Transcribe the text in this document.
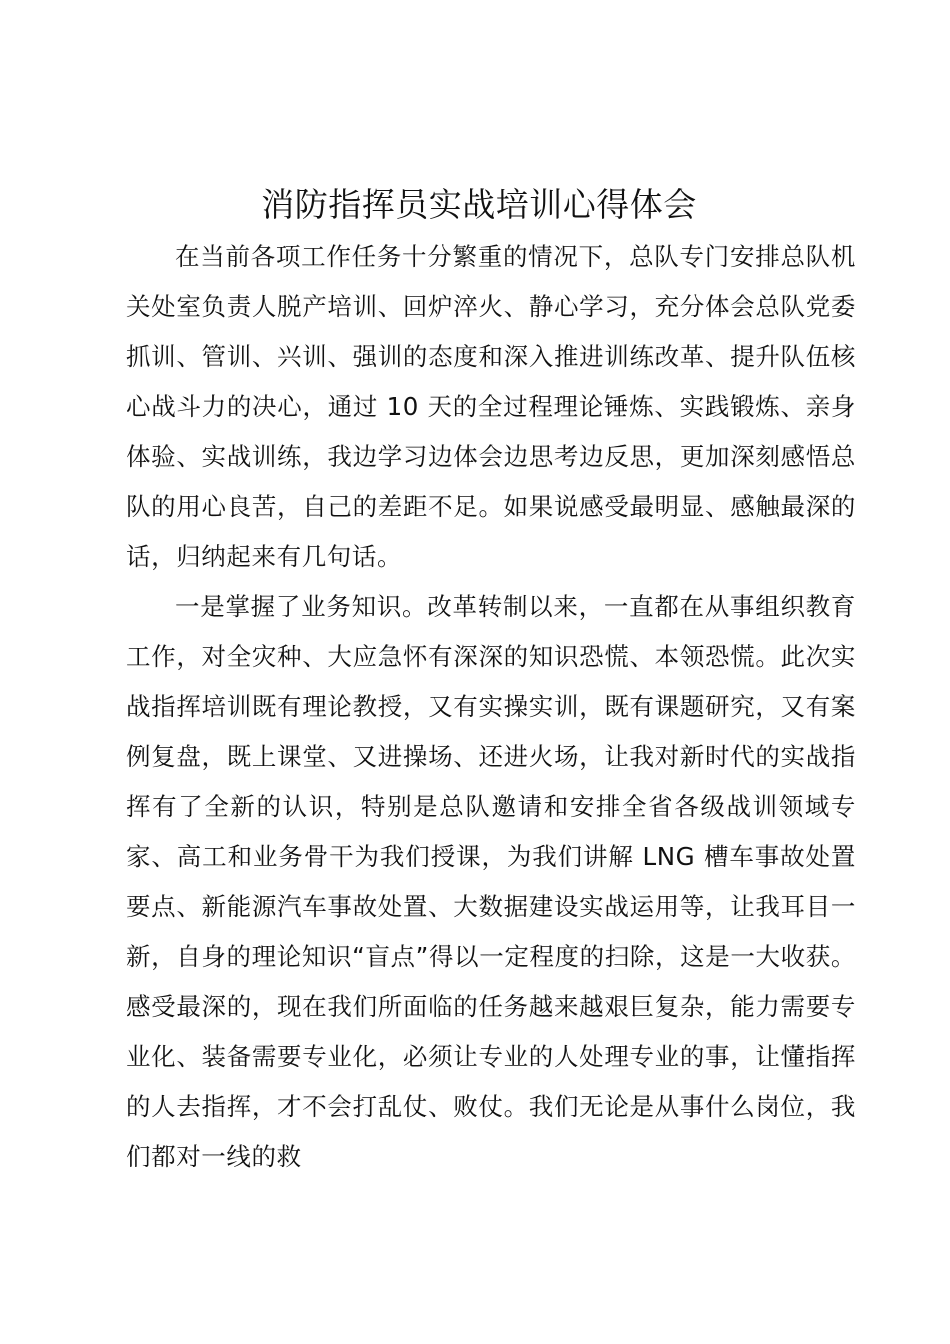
消防指挥员实战培训心得体会

在当前各项工作任务十分繁重的情况下，总队专门安排总队机关处室负责人脱产培训、回炉淬火、静心学习，充分体会总队党委抓训、管训、兴训、强训的态度和深入推进训练改革、提升队伍核心战斗力的决心，通过 10 天的全过程理论锤炼、实践锻炼、亲身体验、实战训练，我边学习边体会边思考边反思，更加深刻感悟总队的用心良苦，自己的差距不足。如果说感受最明显、感触最深的话，归纳起来有几句话。

一是掌握了业务知识。改革转制以来，一直都在从事组织教育工作，对全灾种、大应急怀有深深的知识恐慌、本领恐慌。此次实战指挥培训既有理论教授，又有实操实训，既有课题研究，又有案例复盘，既上课堂、又进操场、还进火场，让我对新时代的实战指挥有了全新的认识，特别是总队邀请和安排全省各级战训领域专家、高工和业务骨干为我们授课，为我们讲解 LNG 槽车事故处置要点、新能源汽车事故处置、大数据建设实战运用等，让我耳目一新，自身的理论知识“盲点”得以一定程度的扫除，这是一大收获。感受最深的，现在我们所面临的任务越来越艰巨复杂，能力需要专业化、装备需要专业化，必须让专业的人处理专业的事，让懂指挥的人去指挥，才不会打乱仗、败仗。我们无论是从事什么岗位，我们都对一线的救
